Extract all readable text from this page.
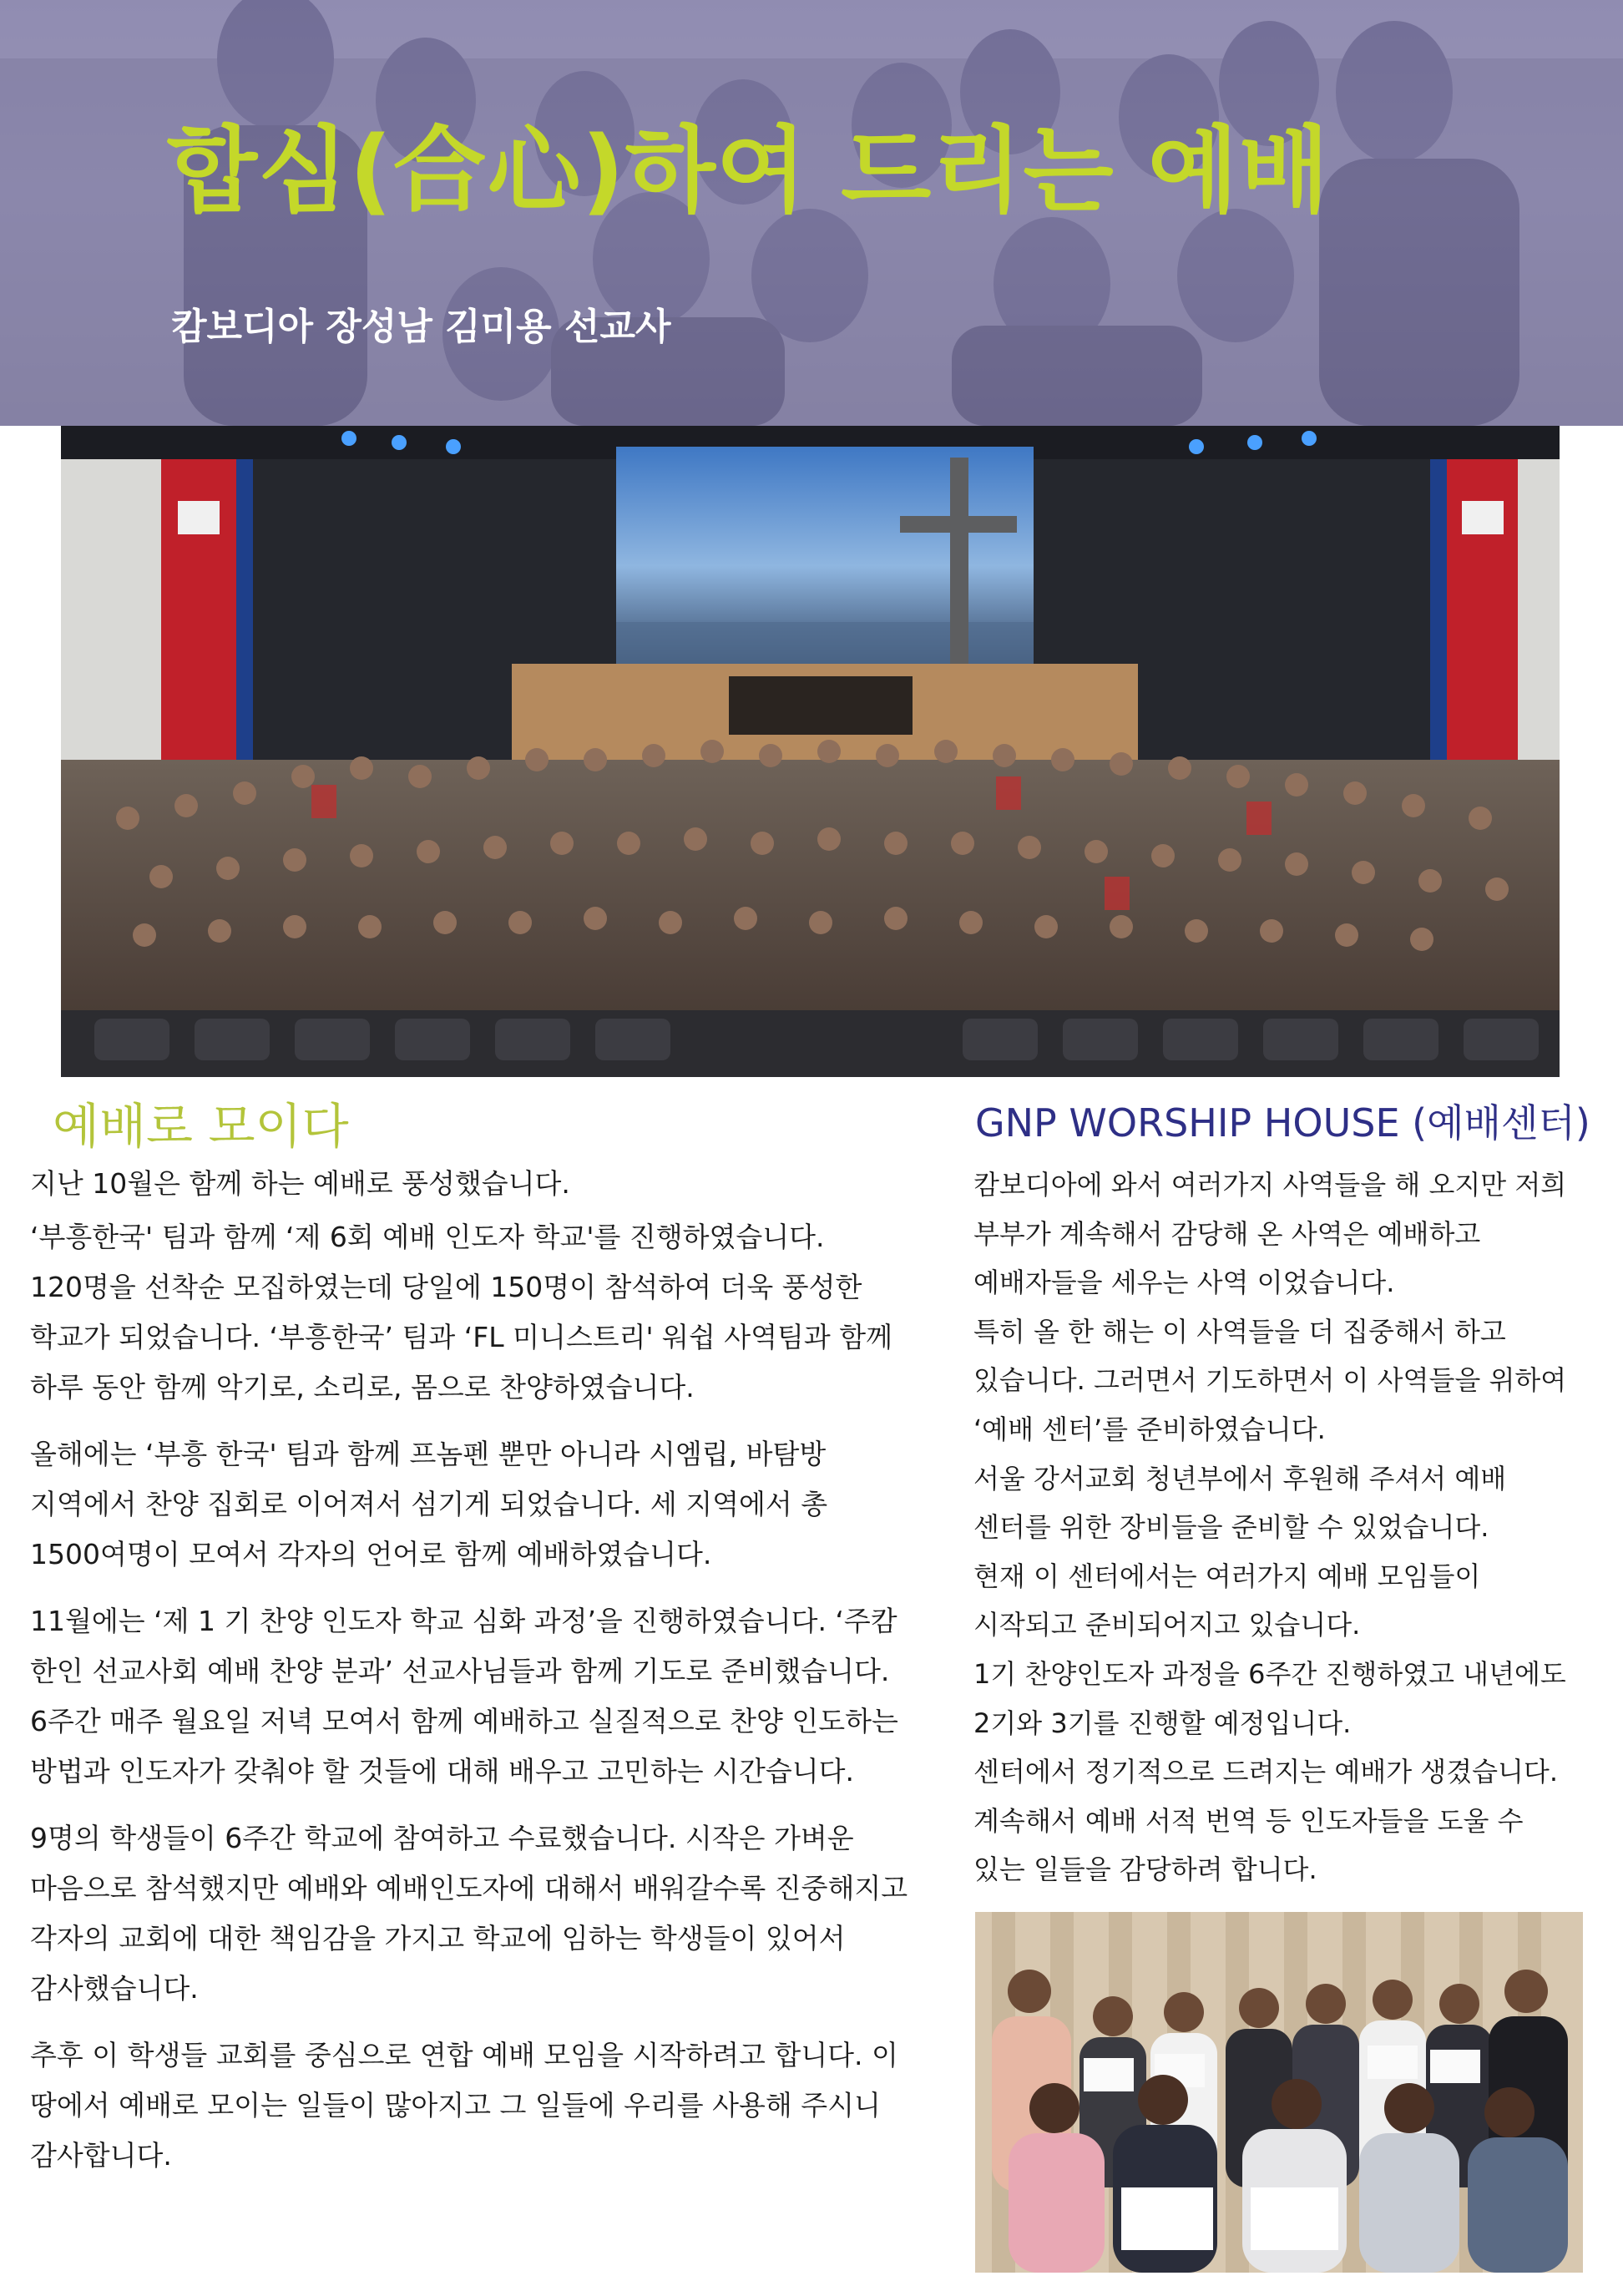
합심(合心)하여 드리는 예배
캄보디아 장성남 김미용 선교사
예배로 모이다	GNP WORSHIP HOUSE (예배센터)

지난 10월은 함께 하는 예배로 풍성했습니다.

‘부흥한국' 팀과 함께 ‘제 6회 예배 인도자 학교'를 진행하였습니다. 120명을 선착순 모집하였는데 당일에 150명이 참석하여 더욱 풍성한 학교가 되었습니다. ‘부흥한국’ 팀과 ‘FL 미니스트리' 워쉽 사역팀과 함께 하루 동안 함께 악기로, 소리로, 몸으로 찬양하였습니다.

올해에는 ‘부흥 한국' 팀과 함께 프놈펜 뿐만 아니라 시엠립, 바탐방 지역에서 찬양 집회로 이어져서 섬기게 되었습니다. 세 지역에서 총 1500여명이 모여서 각자의 언어로 함께 예배하였습니다.

11월에는 ‘제 1 기 찬양 인도자 학교 심화 과정’을 진행하였습니다. ‘주캄 한인 선교사회 예배 찬양 분과’ 선교사님들과 함께 기도로 준비했습니다. 6주간 매주 월요일 저녁 모여서 함께 예배하고 실질적으로 찬양 인도하는 방법과 인도자가 갖춰야 할 것들에 대해 배우고 고민하는 시간습니다.

9명의 학생들이 6주간 학교에 참여하고 수료했습니다. 시작은 가벼운 마음으로 참석했지만 예배와 예배인도자에 대해서 배워갈수록 진중해지고 각자의 교회에 대한 책임감을 가지고 학교에 임하는 학생들이 있어서 감사했습니다.

추후 이 학생들 교회를 중심으로 연합 예배 모임을 시작하려고 합니다. 이 땅에서 예배로 모이는 일들이 많아지고 그 일들에 우리를 사용해 주시니 감사합니다.

캄보디아에 와서 여러가지 사역들을 해 오지만 저희 부부가 계속해서 감당해 온 사역은 예배하고 예배자들을 세우는 사역 이었습니다.

특히 올 한 해는 이 사역들을 더 집중해서 하고 있습니다. 그러면서 기도하면서 이 사역들을 위하여 ‘예배 센터’를 준비하였습니다.

서울 강서교회 청년부에서 후원해 주셔서 예배 센터를 위한 장비들을 준비할 수 있었습니다.

현재 이 센터에서는 여러가지 예배 모임들이 시작되고 준비되어지고 있습니다.

1기 찬양인도자 과정을 6주간 진행하였고 내년에도 2기와 3기를 진행할 예정입니다.

센터에서 정기적으로 드려지는 예배가 생겼습니다. 계속해서 예배 서적 번역 등 인도자들을 도울 수 있는 일들을 감당하려 합니다.
